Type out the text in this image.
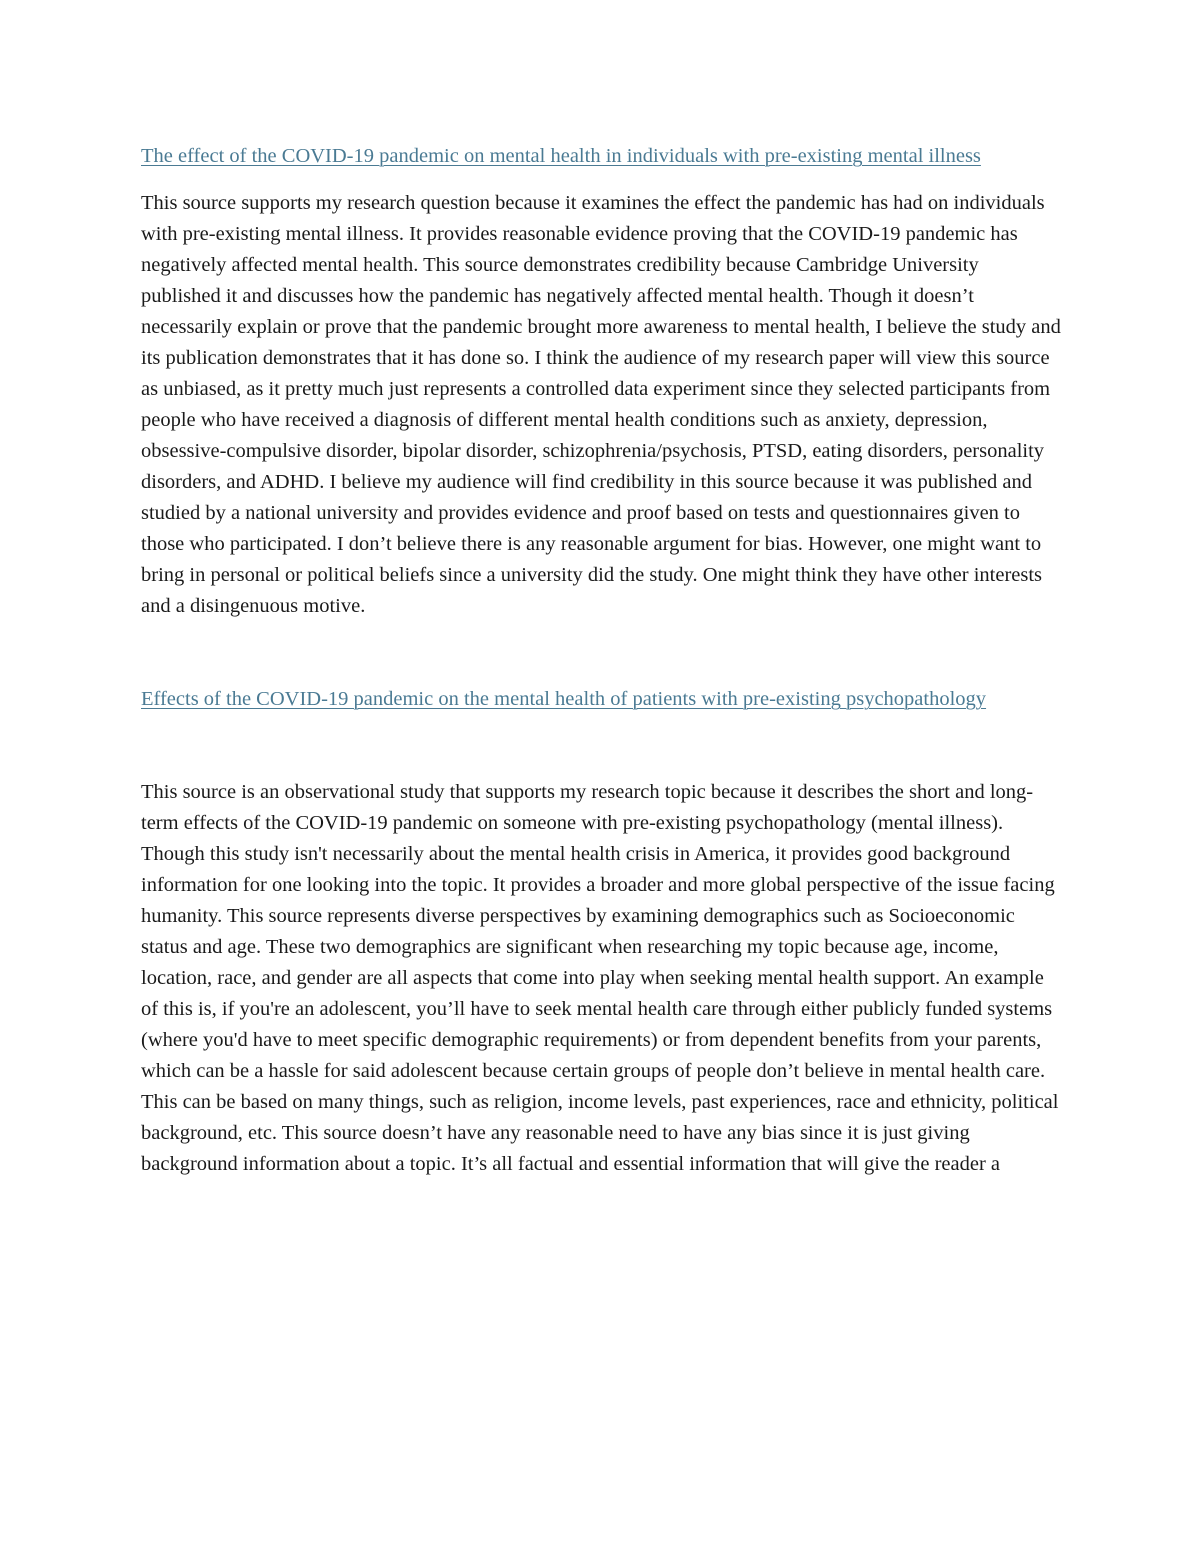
The effect of the COVID-19 pandemic on mental health in individuals with pre-existing mental illness

This source supports my research question because it examines the effect the pandemic has had on individuals with pre-existing mental illness. It provides reasonable evidence proving that the COVID-19 pandemic has negatively affected mental health. This source demonstrates credibility because Cambridge University published it and discusses how the pandemic has negatively affected mental health. Though it doesn’t necessarily explain or prove that the pandemic brought more awareness to mental health, I believe the study and its publication demonstrates that it has done so. I think the audience of my research paper will view this source as unbiased, as it pretty much just represents a controlled data experiment since they selected participants from people who have received a diagnosis of different mental health conditions such as anxiety, depression, obsessive-compulsive disorder, bipolar disorder, schizophrenia/psychosis, PTSD, eating disorders, personality disorders, and ADHD. I believe my audience will find credibility in this source because it was published and studied by a national university and provides evidence and proof based on tests and questionnaires given to those who participated. I don’t believe there is any reasonable argument for bias. However, one might want to bring in personal or political beliefs since a university did the study. One might think they have other interests and a disingenuous motive.

Effects of the COVID-19 pandemic on the mental health of patients with pre-existing psychopathology

This source is an observational study that supports my research topic because it describes the short and long-term effects of the COVID-19 pandemic on someone with pre-existing psychopathology (mental illness). Though this study isn't necessarily about the mental health crisis in America, it provides good background information for one looking into the topic. It provides a broader and more global perspective of the issue facing humanity. This source represents diverse perspectives by examining demographics such as Socioeconomic status and age. These two demographics are significant when researching my topic because age, income, location, race, and gender are all aspects that come into play when seeking mental health support. An example of this is, if you're an adolescent, you’ll have to seek mental health care through either publicly funded systems (where you'd have to meet specific demographic requirements) or from dependent benefits from your parents, which can be a hassle for said adolescent because certain groups of people don’t believe in mental health care. This can be based on many things, such as religion, income levels, past experiences, race and ethnicity, political background, etc. This source doesn’t have any reasonable need to have any bias since it is just giving background information about a topic. It’s all factual and essential information that will give the reader a
